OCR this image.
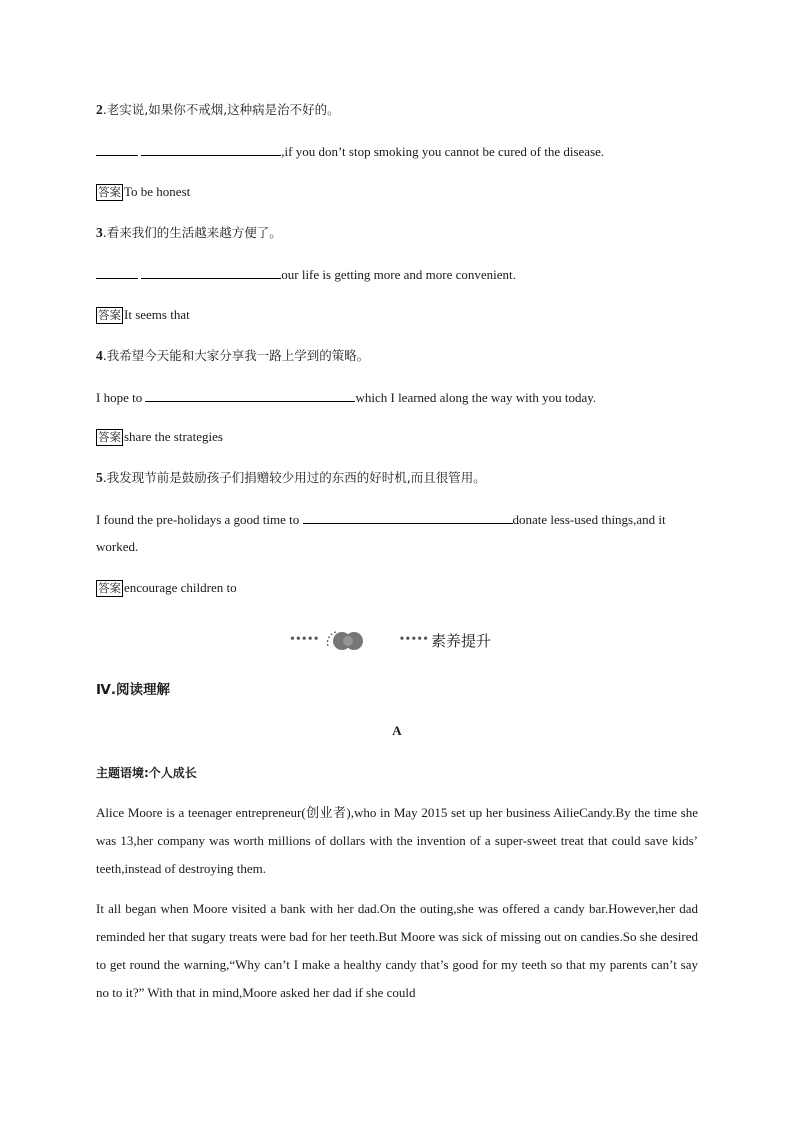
2.老实说,如果你不戒烟,这种病是治不好的。
,if you don’t stop smoking you cannot be cured of the disease.
答案 To be honest
3.看来我们的生活越来越方便了。
our life is getting more and more convenient.
答案 It seems that
4.我希望今天能和大家分享我一路上学到的策略。
I hope to	which I learned along the way with you today.
答案 share the strategies
5.我发现节前是鼓励孩子们捐赠较少用过的东西的好时机,而且很管用。
I found the pre-holidays a good time to	donate less-used things,and it
worked.
答案 encourage children to
•••••	••••• 素养提升
Ⅳ.阅读理解
A
主题语境:个人成长
Alice Moore is a teenager entrepreneur(创业者),who in May 2015 set up her business AilieCandy.By the time she was 13,her company was worth millions of dollars with the invention of a super-sweet treat that could save kids’ teeth,instead of destroying them.
It all began when Moore visited a bank with her dad.On the outing,she was offered a candy bar.However,her dad reminded her that sugary treats were bad for her teeth.But Moore was sick of missing out on candies.So she desired to get round the warning,“Why can’t I make a healthy candy that’s good for my teeth so that my parents can’t say no to it?” With that in mind,Moore asked her dad if she could
